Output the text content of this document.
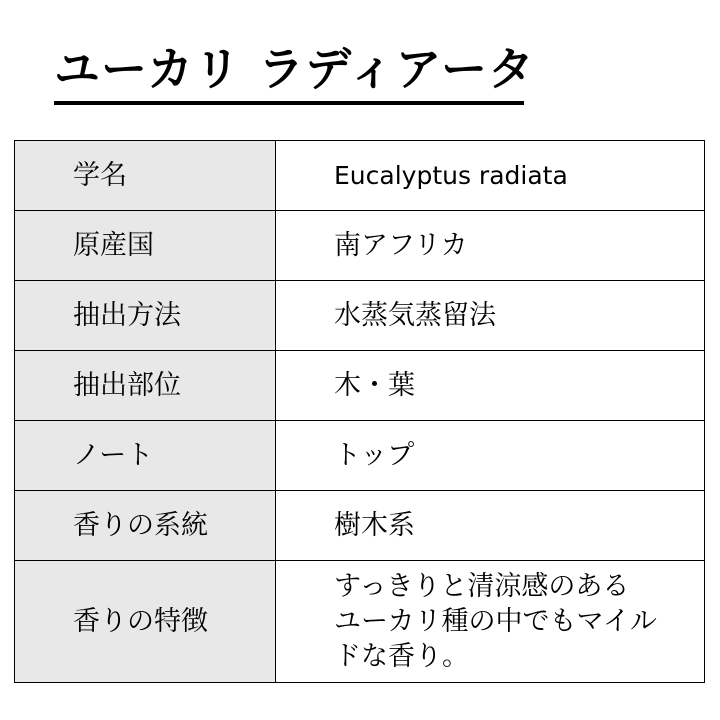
ユーカリ ラディアータ
学名	Eucalyptus radiata
原産国	南アフリカ
抽出方法	水蒸気蒸留法
抽出部位	木・葉
ノート	トップ
香りの系統	樹木系
香りの特徴	すっきりと清涼感のある
ユーカリ種の中でもマイル
ドな香り。
